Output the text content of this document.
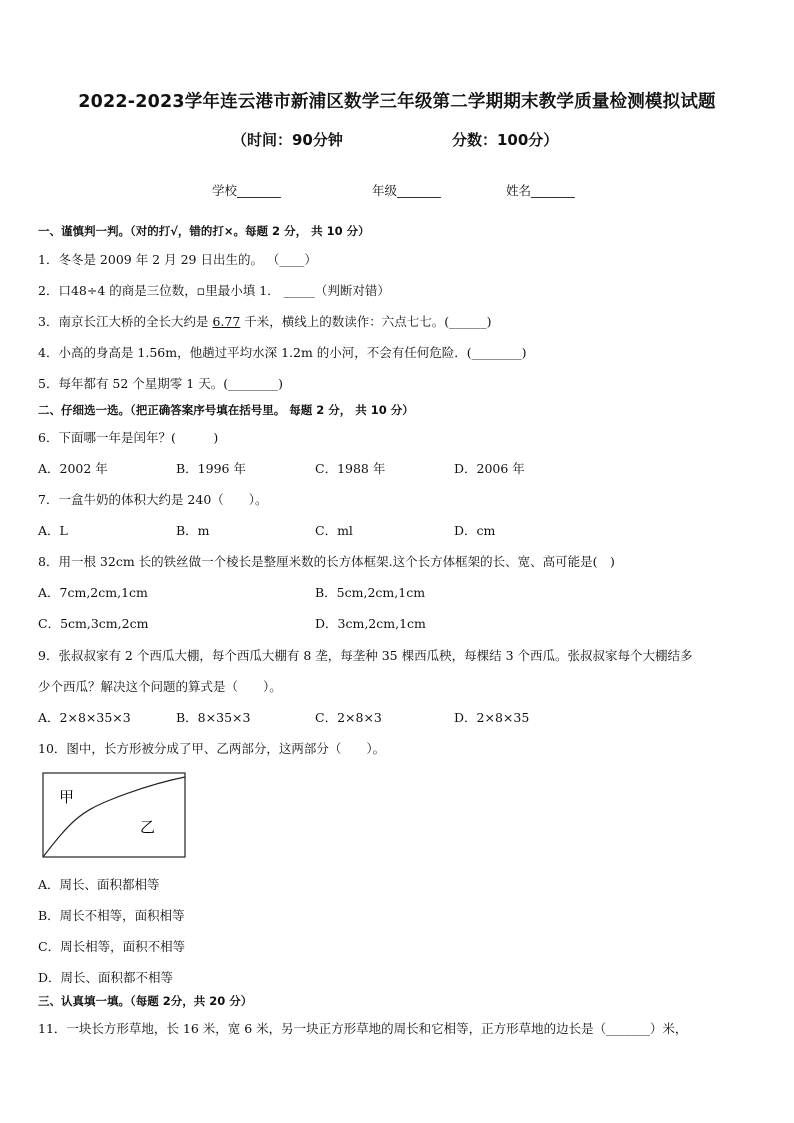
2022-2023学年连云港市新浦区数学三年级第二学期期末教学质量检测模拟试题
（时间：90分钟	分数：100分）
学校_______	年级_______	姓名_______
一、谨慎判一判。（对的打√，错的打×。每题 2 分， 共 10 分）
1．冬冬是 2009 年 2 月 29 日出生的。 （____）
2．口48÷4 的商是三位数，▫里最小填 1． _____（判断对错）
3．南京长江大桥的全长大约是 6.77 千米，横线上的数读作：六点七七。(______)
4．小高的身高是 1.56m，他趟过平均水深 1.2m 的小河，不会有任何危险．(________)
5．每年都有 52 个星期零 1 天。(________)
二、仔细选一选。（把正确答案序号填在括号里。 每题 2 分， 共 10 分）
6．下面哪一年是闰年？(　　　)
A．2002 年	B．1996 年	C．1988 年	D．2006 年
7．一盒牛奶的体积大约是 240（　　）。
A．L	B．m	C．ml	D．cm
8．用一根 32cm 长的铁丝做一个棱长是整厘米数的长方体框架.这个长方体框架的长、宽、高可能是(　)
A．7cm,2cm,1cm	B．5cm,2cm,1cm
C．5cm,3cm,2cm	D．3cm,2cm,1cm
9．张叔叔家有 2 个西瓜大棚，每个西瓜大棚有 8 垄，每垄种 35 棵西瓜秧，每棵结 3 个西瓜。张叔叔家每个大棚结多
少个西瓜？解决这个问题的算式是（　　）。
A．2×8×35×3	B．8×35×3	C．2×8×3	D．2×8×35
10．图中，长方形被分成了甲、乙两部分，这两部分（　　）。
甲
乙
A．周长、面积都相等
B．周长不相等，面积相等
C．周长相等，面积不相等
D．周长、面积都不相等
三、认真填一填。（每题 2分，共 20 分）
11．一块长方形草地，长 16 米，宽 6 米，另一块正方形草地的周长和它相等，正方形草地的边长是（_______）米，
